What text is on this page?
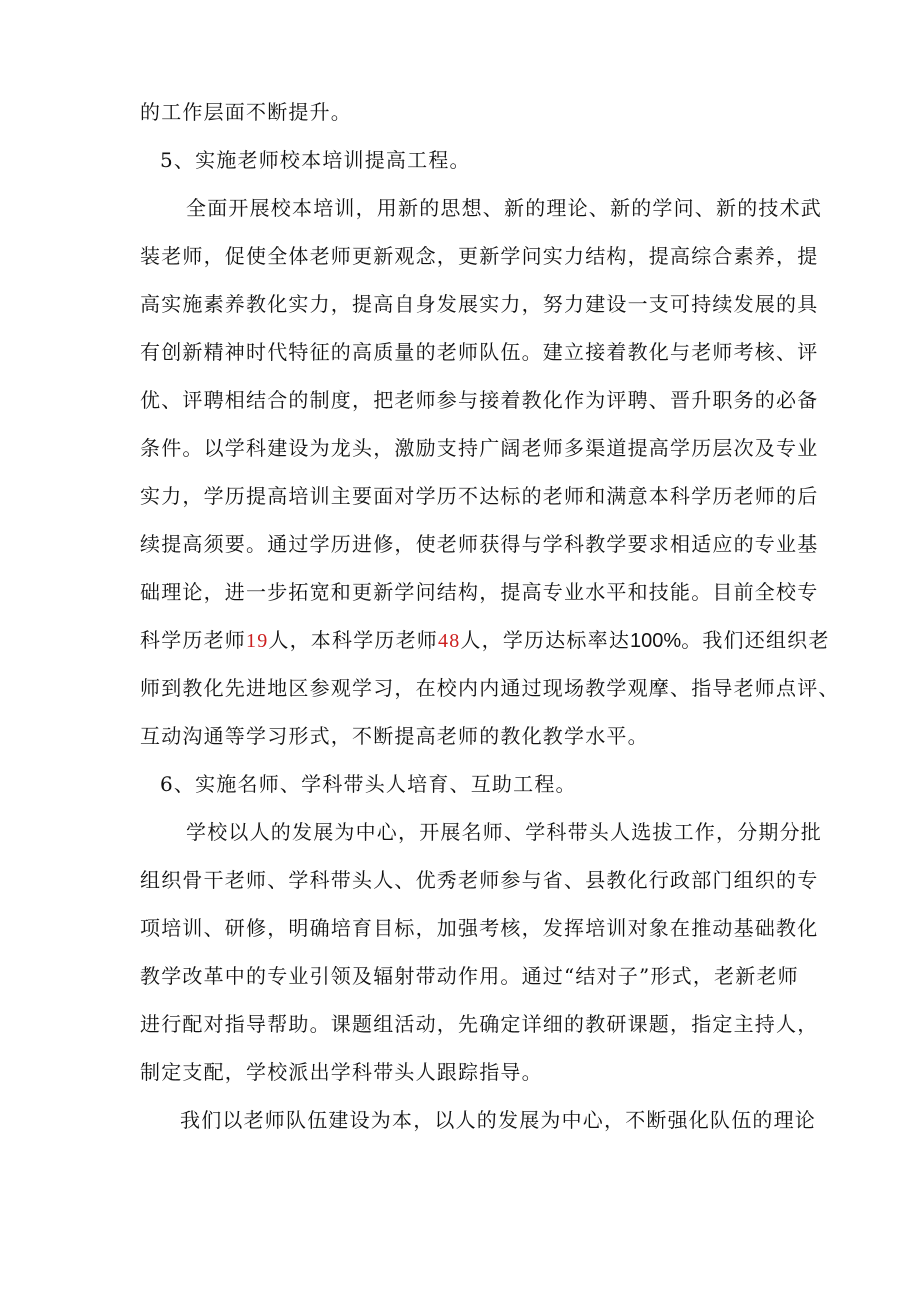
的工作层面不断提升。
5、实施老师校本培训提高工程。
全面开展校本培训，用新的思想、新的理论、新的学问、新的技术武
装老师，促使全体老师更新观念，更新学问实力结构，提高综合素养，提
高实施素养教化实力，提高自身发展实力，努力建设一支可持续发展的具
有创新精神时代特征的高质量的老师队伍。建立接着教化与老师考核、评
优、评聘相结合的制度，把老师参与接着教化作为评聘、晋升职务的必备
条件。以学科建设为龙头，激励支持广阔老师多渠道提高学历层次及专业
实力，学历提高培训主要面对学历不达标的老师和满意本科学历老师的后
续提高须要。通过学历进修，使老师获得与学科教学要求相适应的专业基
础理论，进一步拓宽和更新学问结构，提高专业水平和技能。目前全校专
科学历老师19人，本科学历老师48人，学历达标率达100%。我们还组织老
师到教化先进地区参观学习，在校内内通过现场教学观摩、指导老师点评、
互动沟通等学习形式，不断提高老师的教化教学水平。
6、实施名师、学科带头人培育、互助工程。
学校以人的发展为中心，开展名师、学科带头人选拔工作，分期分批
组织骨干老师、学科带头人、优秀老师参与省、县教化行政部门组织的专
项培训、研修，明确培育目标，加强考核，发挥培训对象在推动基础教化
教学改革中的专业引领及辐射带动作用。通过“结对子”形式，老新老师
进行配对指导帮助。课题组活动，先确定详细的教研课题，指定主持人，
制定支配，学校派出学科带头人跟踪指导。
我们以老师队伍建设为本，以人的发展为中心，不断强化队伍的理论
